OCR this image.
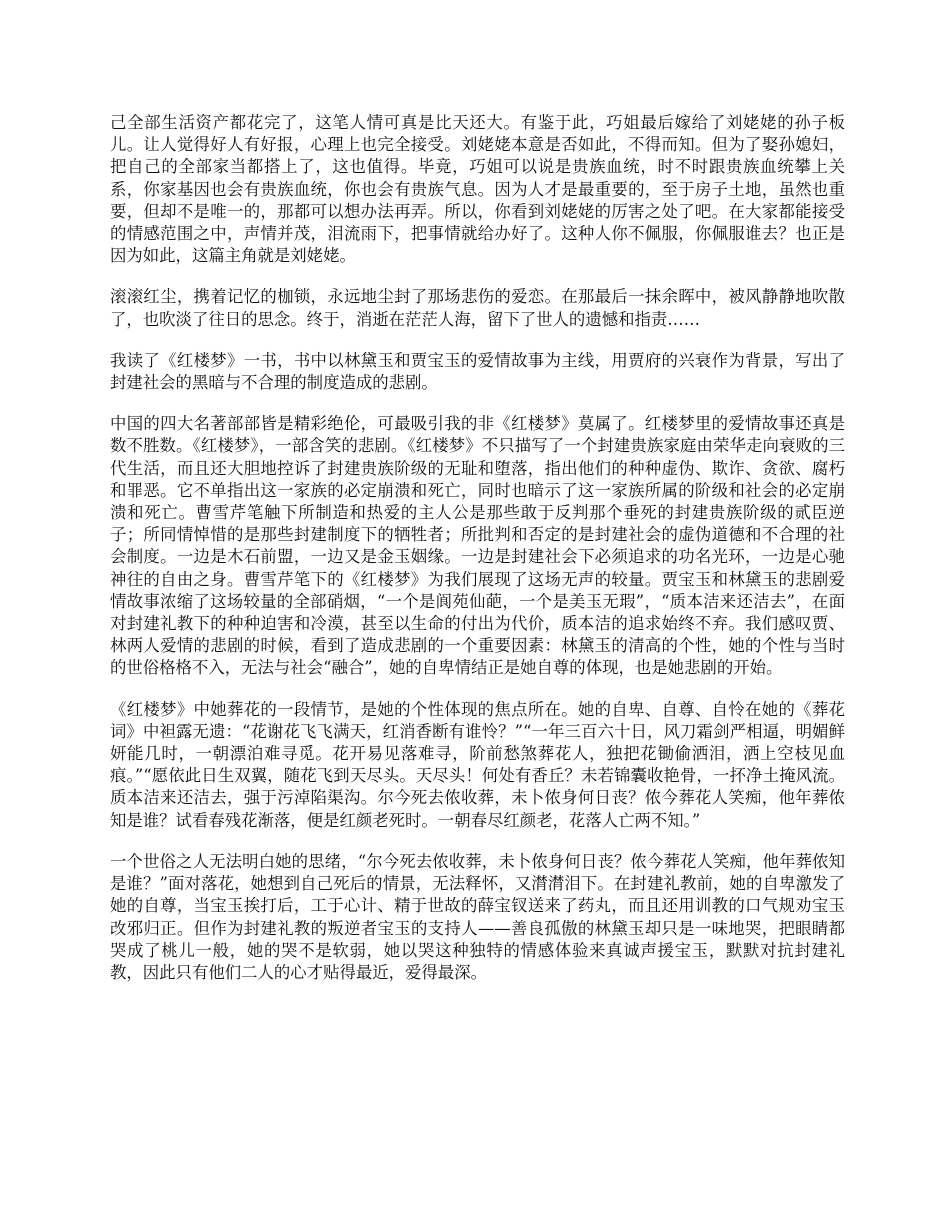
己全部生活资产都花完了，这笔人情可真是比天还大。有鉴于此，巧姐最后嫁给了刘姥姥的孙子板儿。让人觉得好人有好报，心理上也完全接受。刘姥姥本意是否如此，不得而知。但为了娶孙媳妇，把自己的全部家当都搭上了，这也值得。毕竟，巧姐可以说是贵族血统，时不时跟贵族血统攀上关系，你家基因也会有贵族血统，你也会有贵族气息。因为人才是最重要的，至于房子土地，虽然也重要，但却不是唯一的，那都可以想办法再弄。所以，你看到刘姥姥的厉害之处了吧。在大家都能接受的情感范围之中，声情并茂，泪流雨下，把事情就给办好了。这种人你不佩服，你佩服谁去？也正是因为如此，这篇主角就是刘姥姥。

滚滚红尘，携着记忆的枷锁，永远地尘封了那场悲伤的爱恋。在那最后一抹余晖中，被风静静地吹散了，也吹淡了往日的思念。终于，消逝在茫茫人海，留下了世人的遗憾和指责……

我读了《红楼梦》一书，书中以林黛玉和贾宝玉的爱情故事为主线，用贾府的兴衰作为背景，写出了封建社会的黑暗与不合理的制度造成的悲剧。

中国的四大名著部部皆是精彩绝伦，可最吸引我的非《红楼梦》莫属了。红楼梦里的爱情故事还真是数不胜数。《红楼梦》，一部含笑的悲剧。《红楼梦》不只描写了一个封建贵族家庭由荣华走向衰败的三代生活，而且还大胆地控诉了封建贵族阶级的无耻和堕落，指出他们的种种虚伪、欺诈、贪欲、腐朽和罪恶。它不单指出这一家族的必定崩溃和死亡，同时也暗示了这一家族所属的阶级和社会的必定崩溃和死亡。曹雪芹笔触下所制造和热爱的主人公是那些敢于反判那个垂死的封建贵族阶级的贰臣逆子；所同情悼惜的是那些封建制度下的牺牲者；所批判和否定的是封建社会的虚伪道德和不合理的社会制度。一边是木石前盟，一边又是金玉姻缘。一边是封建社会下必须追求的功名光环，一边是心驰神往的自由之身。曹雪芹笔下的《红楼梦》为我们展现了这场无声的较量。贾宝玉和林黛玉的悲剧爱情故事浓缩了这场较量的全部硝烟，“一个是阆苑仙葩，一个是美玉无瑕”，“质本洁来还洁去”，在面对封建礼教下的种种迫害和冷漠，甚至以生命的付出为代价，质本洁的追求始终不弃。我们感叹贾、林两人爱情的悲剧的时候，看到了造成悲剧的一个重要因素：林黛玉的清高的个性，她的个性与当时的世俗格格不入，无法与社会“融合”，她的自卑情结正是她自尊的体现，也是她悲剧的开始。

《红楼梦》中她葬花的一段情节，是她的个性体现的焦点所在。她的自卑、自尊、自怜在她的《葬花词》中袒露无遗：“花谢花飞飞满天，红消香断有谁怜？”“一年三百六十日，风刀霜剑严相逼，明媚鲜妍能几时，一朝漂泊难寻觅。花开易见落难寻，阶前愁煞葬花人，独把花锄偷洒泪，洒上空枝见血痕。”“愿依此日生双翼，随花飞到天尽头。天尽头！何处有香丘？未若锦囊收艳骨，一抔净土掩风流。质本洁来还洁去，强于污淖陷渠沟。尔今死去侬收葬，未卜侬身何日丧？侬今葬花人笑痴，他年葬侬知是谁？试看春残花渐落，便是红颜老死时。一朝春尽红颜老，花落人亡两不知。”

一个世俗之人无法明白她的思绪，“尔今死去侬收葬，未卜侬身何日丧？侬今葬花人笑痴，他年葬侬知是谁？”面对落花，她想到自己死后的情景，无法释怀，又潸潸泪下。在封建礼教前，她的自卑激发了她的自尊，当宝玉挨打后，工于心计、精于世故的薛宝钗送来了药丸，而且还用训教的口气规劝宝玉改邪归正。但作为封建礼教的叛逆者宝玉的支持人——善良孤傲的林黛玉却只是一味地哭，把眼睛都哭成了桃儿一般，她的哭不是软弱，她以哭这种独特的情感体验来真诚声援宝玉，默默对抗封建礼教，因此只有他们二人的心才贴得最近，爱得最深。
